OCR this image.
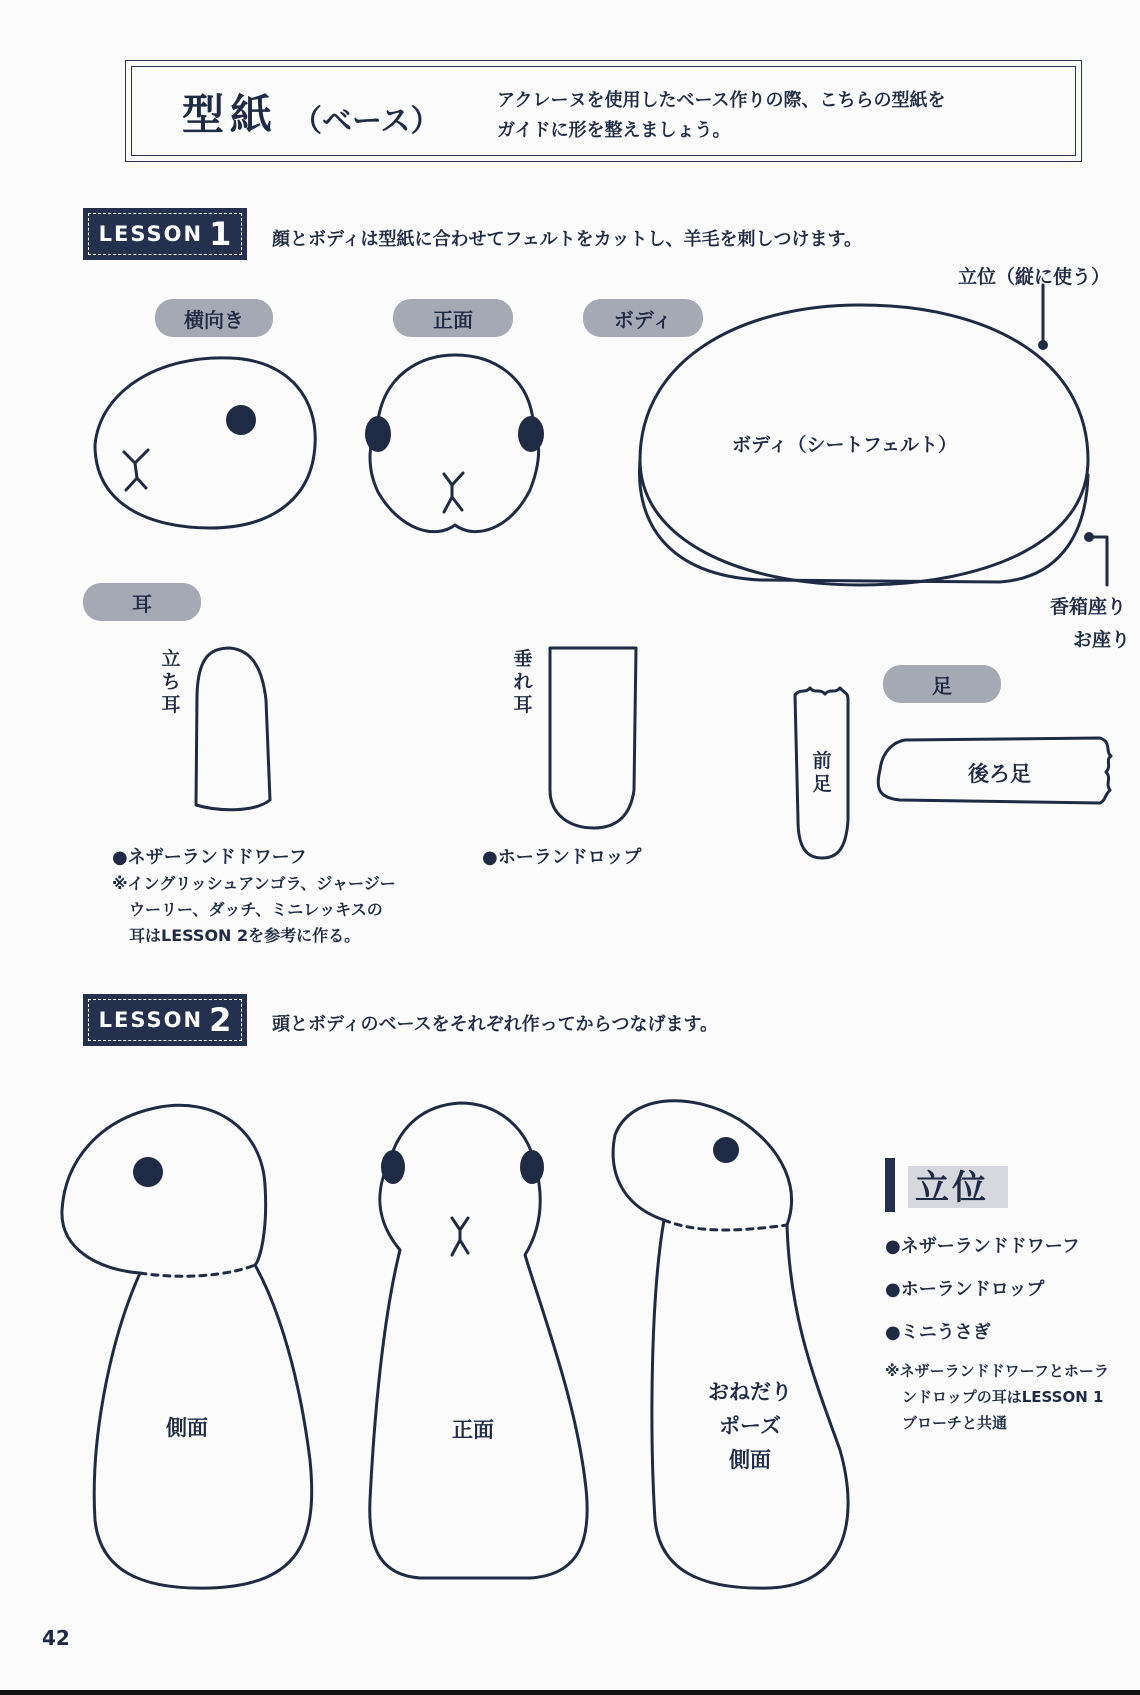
型紙 （ベース）
アクレーヌを使用したベース作りの際、こちらの型紙を
ガイドに形を整えましょう。
LESSON 1 顔とボディは型紙に合わせてフェルトをカットし、羊毛を刺しつけます。
横向き	正面	ボディ
耳
足
立位（縦に使う）
ボディ（シートフェルト）
香箱座り
お座り
立ち耳
垂れ耳
前足	後ろ足
●ネザーランドドワーフ	●ホーランドロップ
※イングリッシュアンゴラ、ジャージー
ウーリー、ダッチ、ミニレッキスの
耳はLESSON 2を参考に作る。
LESSON 2 頭とボディのベースをそれぞれ作ってからつなげます。
立位
●ネザーランドドワーフ
●ホーランドロップ
●ミニうさぎ
※ネザーランドドワーフとホーラ
ンドロップの耳はLESSON 1
ブローチと共通
側面	正面
おねだり
ポーズ
側面
42
